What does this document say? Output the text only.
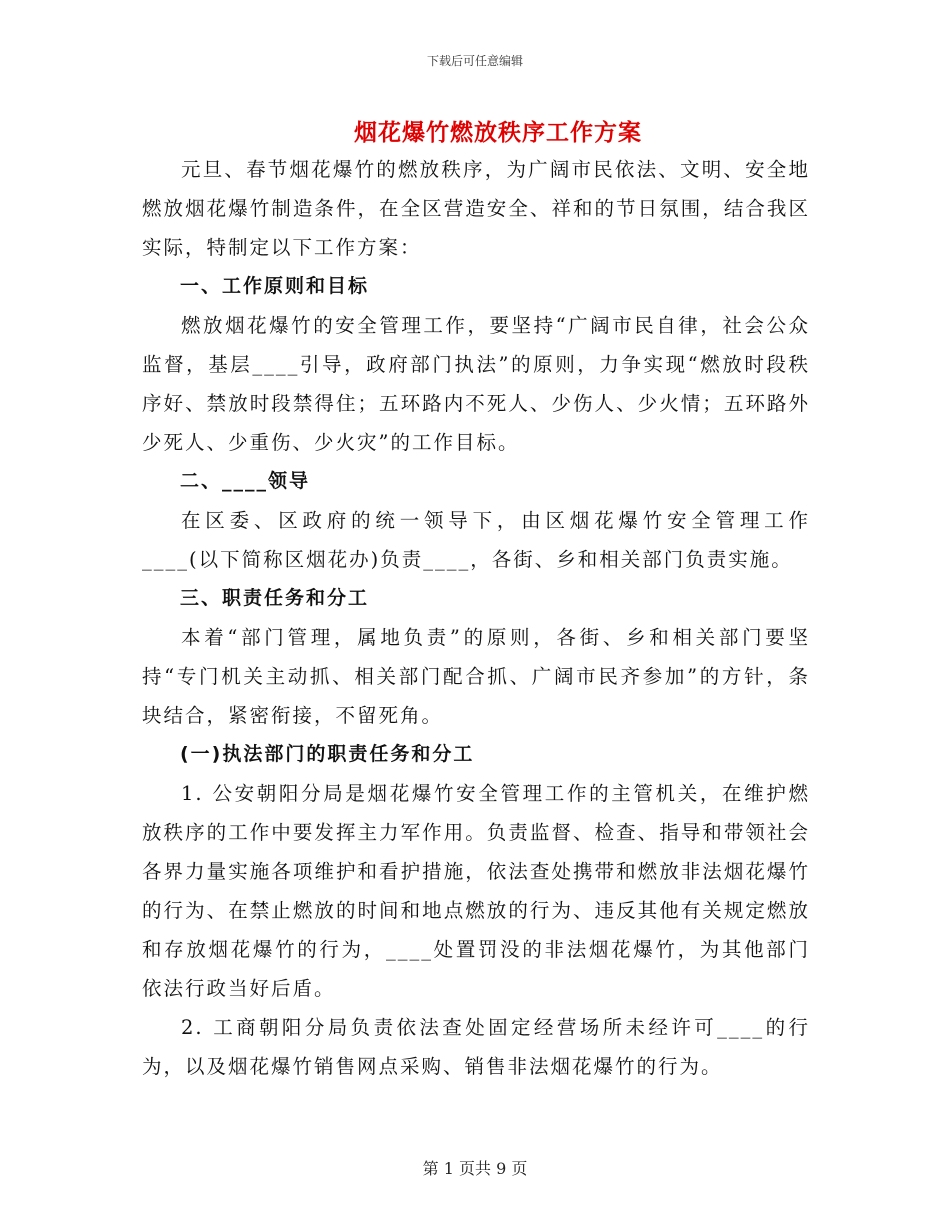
下载后可任意编辑
烟花爆竹燃放秩序工作方案

元旦、春节烟花爆竹的燃放秩序，为广阔市民依法、文明、安全地燃放烟花爆竹制造条件，在全区营造安全、祥和的节日氛围，结合我区实际，特制定以下工作方案：

一、工作原则和目标

燃放烟花爆竹的安全管理工作，要坚持“广阔市民自律，社会公众监督，基层____引导，政府部门执法”的原则，力争实现“燃放时段秩序好、禁放时段禁得住；五环路内不死人、少伤人、少火情；五环路外少死人、少重伤、少火灾”的工作目标。

二、____领导

在区委、区政府的统一领导下，由区烟花爆竹安全管理工作____(以下简称区烟花办)负责____，各街、乡和相关部门负责实施。

三、职责任务和分工

本着“部门管理，属地负责”的原则，各街、乡和相关部门要坚持“专门机关主动抓、相关部门配合抓、广阔市民齐参加”的方针，条块结合，紧密衔接，不留死角。

(一)执法部门的职责任务和分工

1. 公安朝阳分局是烟花爆竹安全管理工作的主管机关，在维护燃放秩序的工作中要发挥主力军作用。负责监督、检查、指导和带领社会各界力量实施各项维护和看护措施，依法查处携带和燃放非法烟花爆竹的行为、在禁止燃放的时间和地点燃放的行为、违反其他有关规定燃放和存放烟花爆竹的行为，____处置罚没的非法烟花爆竹，为其他部门依法行政当好后盾。

2. 工商朝阳分局负责依法查处固定经营场所未经许可____的行为，以及烟花爆竹销售网点采购、销售非法烟花爆竹的行为。

第 1 页共 9 页
